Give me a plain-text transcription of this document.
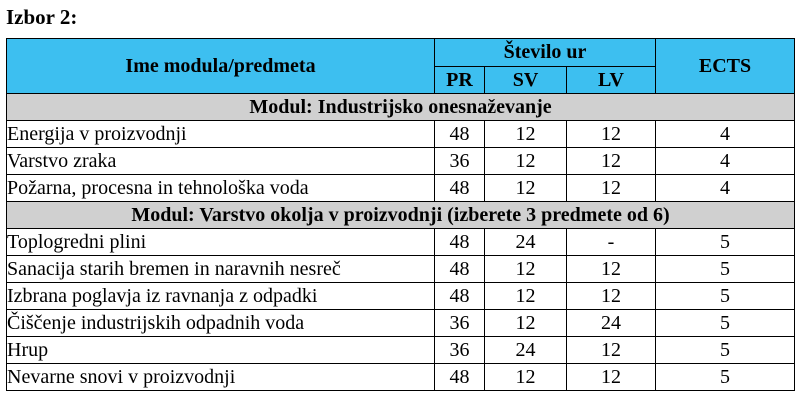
Izbor 2:
Ime modula/predmeta	Število ur			ECTS
	PR	SV	LV	
Modul: Industrijsko onesnaževanje				
Energija v proizvodnji	48	12	12	4
Varstvo zraka	36	12	12	4
Požarna, procesna in tehnološka voda	48	12	12	4
Modul: Varstvo okolja v proizvodnji (izberete 3 predmete od 6)				
Toplogredni plini	48	24	-	5
Sanacija starih bremen in naravnih nesreč	48	12	12	5
Izbrana poglavja iz ravnanja z odpadki	48	12	12	5
Čiščenje industrijskih odpadnih voda	36	12	24	5
Hrup	36	24	12	5
Nevarne snovi v proizvodnji	48	12	12	5
